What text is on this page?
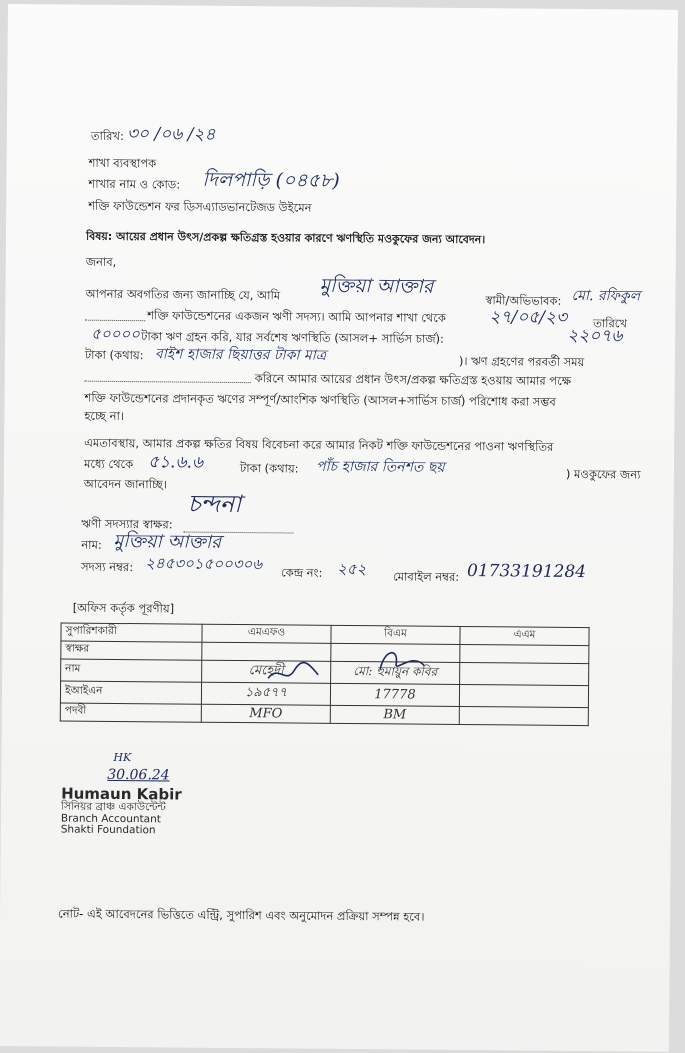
তারিখ: ৩০ /০৬ /২৪
শাখা ব্যবস্থাপক
শাখার নাম ও কোড: দিলপাড়ি (০৪৫৮)
শক্তি ফাউন্ডেশন ফর ডিসএ্যাডভানটেজড উইমেন
বিষয়: আয়ের প্রধান উৎস/প্রকল্প ক্ষতিগ্রস্ত হওয়ার কারণে ঋণস্থিতি মওকুফের জন্য আবেদন।
জনাব,
আপনার অবগতির জন্য জানাচ্ছি যে, আমি মুক্তিয়া আক্তার
স্বামী/অভিভাবক: মো. রফিকুল
শক্তি ফাউন্ডেশনের একজন ঋণী সদস্য। আমি আপনার শাখা থেকে	২৭/০৫/২৩ তারিখে
৫০০০০ টাকা ঋণ গ্রহন করি, যার সর্বশেষ ঋণস্থিতি (আসল+ সার্ভিস চার্জ):	২২০৭৬
টাকা (কথায়: বাইশ হাজার ছিয়াত্তর টাকা মাত্র	)। ঋণ গ্রহণের পরবর্তী সময়
করিনে আমার আয়ের প্রধান উৎস/প্রকল্প ক্ষতিগ্রস্ত হওয়ায় আমার পক্ষে
শক্তি ফাউন্ডেশনের প্রদানকৃত ঋণের সম্পূর্ণ/আংশিক ঋণস্থিতি (আসল+সার্ভিস চার্জ) পরিশোধ করা সম্ভব
হচ্ছে না।
এমতাবস্থায়, আমার প্রকল্প ক্ষতির বিষয় বিবেচনা করে আমার নিকট শক্তি ফাউন্ডেশনের পাওনা ঋণস্থিতির
মধ্যে থেকে ৫১.৬.৬	টাকা (কথায়: পাঁচ হাজার তিনশত ছয়	) মওকুফের জন্য
আবেদন জানাচ্ছি।
চন্দনা
ঋণী সদস্যার স্বাক্ষর:
নাম: মুক্তিয়া আক্তার
সদস্য নম্বর: ২৪৫৩০১৫০০৩০৬ কেন্দ্র নং: ২৫২ মোবাইল নম্বর: 01733191284
[অফিস কর্তৃক পূরণীয়]
সুপারিশকারী	এমএফও	বিএম	এএম
স্বাক্ষর			
নাম	মেহেদী	মো: হুমায়ুন কবির	
ইআইএন	১৯৫৭৭	17778	
পদবী	MFO	BM	
HK
30.06.24
Humaun Kabir
সিনিয়র ব্রাঞ্চ একাউন্টেন্ট
Branch Accountant
Shakti Foundation
নোট- এই আবেদনের ভিত্তিতে এন্ট্রি, সুপারিশ এবং অনুমোদন প্রক্রিয়া সম্পন্ন হবে।
